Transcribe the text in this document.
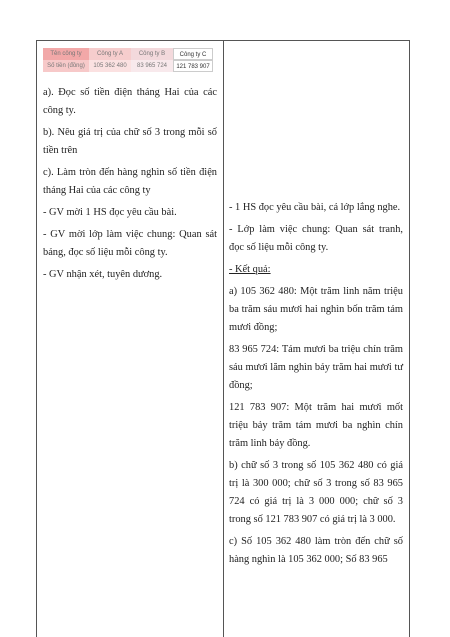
Tên công ty	Công ty A	Công ty B	Công ty C
Số tiền (đồng)	105 362 480	83 965 724	121 783 907

a). Đọc số tiền điện tháng Hai của các công ty.

b). Nêu giá trị của chữ số 3 trong mỗi số tiền trên

c). Làm tròn đến hàng nghìn số tiền điện tháng Hai của các công ty

- GV mời 1 HS đọc yêu cầu bài.

- GV mời lớp làm việc chung: Quan sát bảng, đọc số liệu mỗi công ty.

- GV nhận xét, tuyên dương.

- 1 HS đọc yêu cầu bài, cả lớp lắng nghe.

- Lớp làm việc chung: Quan sát tranh, đọc số liệu mỗi công ty.

- Kết quả:

a) 105 362 480: Một trăm linh năm triệu ba trăm sáu mươi hai nghìn bốn trăm tám mươi đồng;

83 965 724: Tám mươi ba triệu chín trăm sáu mươi lăm nghìn bảy trăm hai mươi tư đồng;

121 783 907: Một trăm hai mươi mốt triệu bảy trăm tám mươi ba nghìn chín trăm linh bảy đồng.

b) chữ số 3 trong số 105 362 480 có giá trị là 300 000; chữ số 3 trong số 83 965 724 có giá trị là 3 000 000; chữ số 3 trong số 121 783 907 có giá trị là 3 000.

c) Số 105 362 480 làm tròn đến chữ số hàng nghìn là 105 362 000; Số 83 965
